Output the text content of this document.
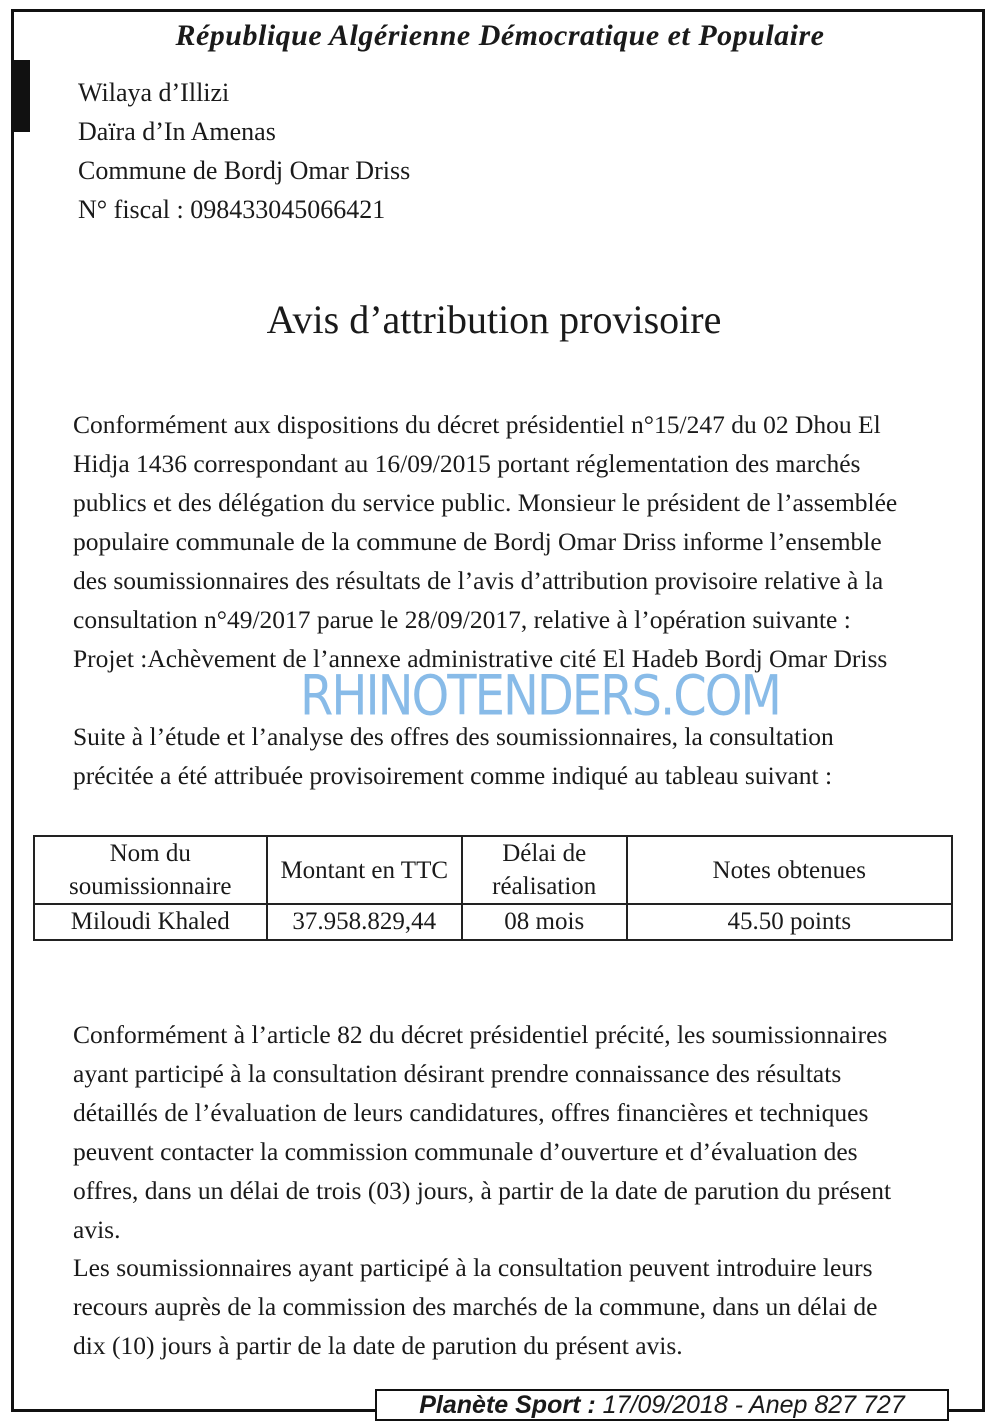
République Algérienne Démocratique et Populaire
Wilaya d’Illizi
Daïra d’In Amenas
Commune de Bordj Omar Driss
N° fiscal : 098433045066421
Avis d’attribution provisoire
Conformément aux dispositions du décret présidentiel n°15/247 du 02 Dhou El
Hidja 1436 correspondant au 16/09/2015 portant réglementation des marchés
publics et des délégation du service public. Monsieur le président de l’assemblée
populaire communale de la commune de Bordj Omar Driss informe l’ensemble
des soumissionnaires des résultats de l’avis d’attribution provisoire relative à la
consultation n°49/2017 parue le 28/09/2017, relative à l’opération suivante :
Projet :Achèvement de l’annexe administrative cité El Hadeb Bordj Omar Driss
Suite à l’étude et l’analyse des offres des soumissionnaires, la consultation
précitée a été attribuée provisoirement comme indiqué au tableau suivant :
RHINOTENDERS.COM
Nom du soumissionnaire	Montant en TTC	Délai de réalisation	Notes obtenues
Miloudi Khaled	37.958.829,44	08 mois	45.50 points
Conformément à l’article 82 du décret présidentiel précité, les soumissionnaires
ayant participé à la consultation désirant prendre connaissance des résultats
détaillés de l’évaluation de leurs candidatures, offres financières et techniques
peuvent contacter la commission communale d’ouverture et d’évaluation des
offres, dans un délai de trois (03) jours, à partir de la date de parution du présent
avis.
Les soumissionnaires ayant participé à la consultation peuvent introduire leurs
recours auprès de la commission des marchés de la commune, dans un délai de
dix (10) jours à partir de la date de parution du présent avis.
Planète Sport : 17/09/2018 - Anep 827 727
